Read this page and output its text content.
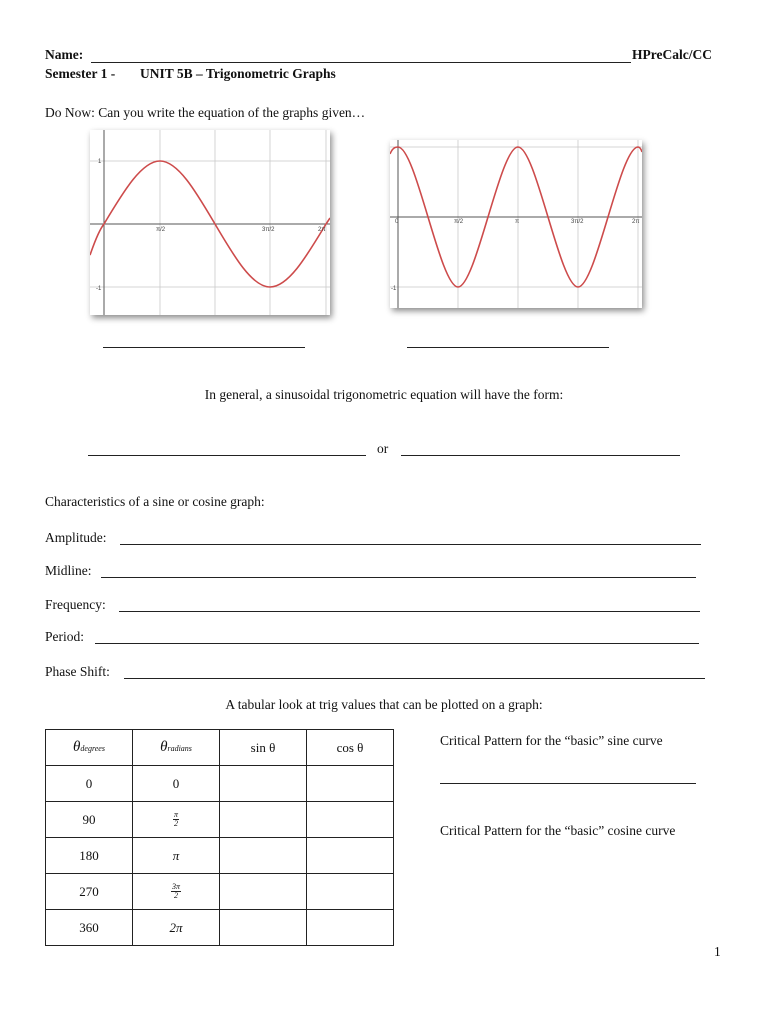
Name:	HPreCalc/CC
Semester 1 - UNIT 5B – Trigonometric Graphs
Do Now: Can you write the equation of the graphs given…
π/2	3π/2	2π
1
-1
0	π/2	π	3π/2	2π
-1
In general, a sinusoidal trigonometric equation will have the form:
or
Characteristics of a sine or cosine graph:
Amplitude:
Midline:
Frequency:
Period:
Phase Shift:
A tabular look at trig values that can be plotted on a graph:
θdegrees	θradians	sin θ	cos θ
0	0		
90	$\frac{\pi}{2}$

180	π		
270	$\frac{3\pi}{2}$

360	2π		
Critical Pattern for the “basic” sine curve
Critical Pattern for the “basic” cosine curve
1
